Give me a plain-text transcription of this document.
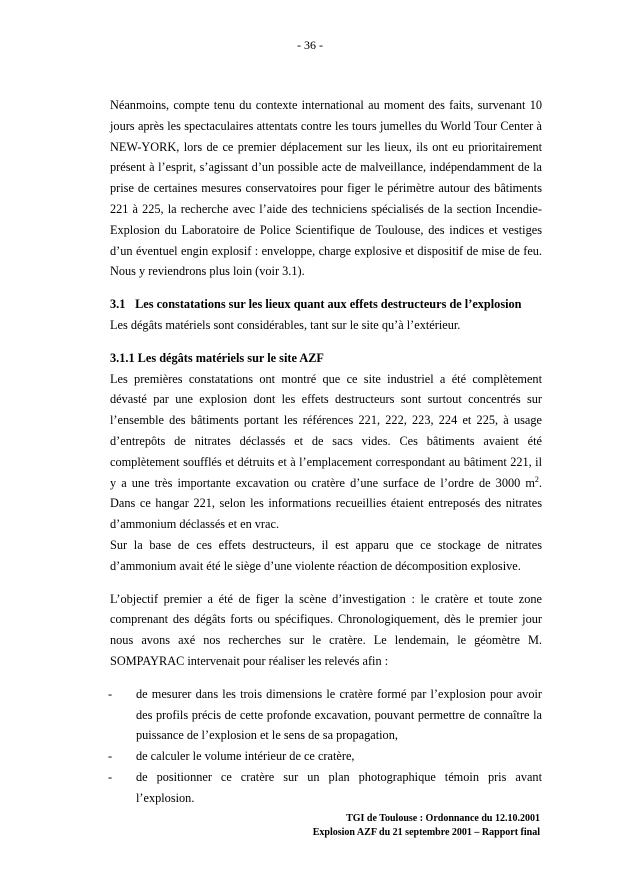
- 36 -

Néanmoins, compte tenu du contexte international au moment des faits, survenant 10 jours après les spectaculaires attentats contre les tours jumelles du World Tour Center à NEW-YORK, lors de ce premier déplacement sur les lieux, ils ont eu prioritairement présent à l’esprit, s’agissant d’un possible acte de malveillance, indépendamment de la prise de certaines mesures conservatoires pour figer le périmètre autour des bâtiments 221 à 225, la recherche avec l’aide des techniciens spécialisés de la section Incendie-Explosion du Laboratoire de Police Scientifique de Toulouse, des indices et vestiges d’un éventuel engin explosif : enveloppe, charge explosive et dispositif de mise de feu. Nous y reviendrons plus loin (voir 3.1).

3.1 Les constatations sur les lieux quant aux effets destructeurs de l’explosion

Les dégâts matériels sont considérables, tant sur le site qu’à l’extérieur.

3.1.1 Les dégâts matériels sur le site AZF

Les premières constatations ont montré que ce site industriel a été complètement dévasté par une explosion dont les effets destructeurs sont surtout concentrés sur l’ensemble des bâtiments portant les références 221, 222, 223, 224 et 225, à usage d’entrepôts de nitrates déclassés et de sacs vides. Ces bâtiments avaient été complètement soufflés et détruits et à l’emplacement correspondant au bâtiment 221, il y a une très importante excavation ou cratère d’une surface de l’ordre de 3000 $m^2$. Dans ce hangar 221, selon les informations recueillies étaient entreposés des nitrates d’ammonium déclassés et en vrac.

Sur la base de ces effets destructeurs, il est apparu que ce stockage de nitrates d’ammonium avait été le siège d’une violente réaction de décomposition explosive.

L’objectif premier a été de figer la scène d’investigation : le cratère et toute zone comprenant des dégâts forts ou spécifiques. Chronologiquement, dès le premier jour nous avons axé nos recherches sur le cratère. Le lendemain, le géomètre M. SOMPAYRAC intervenait pour réaliser les relevés afin :

- de mesurer dans les trois dimensions le cratère formé par l’explosion pour avoir des profils précis de cette profonde excavation, pouvant permettre de connaître la puissance de l’explosion et le sens de sa propagation,
- de calculer le volume intérieur de ce cratère,
- de positionner ce cratère sur un plan photographique témoin pris avant l’explosion.
TGI de Toulouse : Ordonnance du 12.10.2001
Explosion AZF du 21 septembre 2001 – Rapport final
